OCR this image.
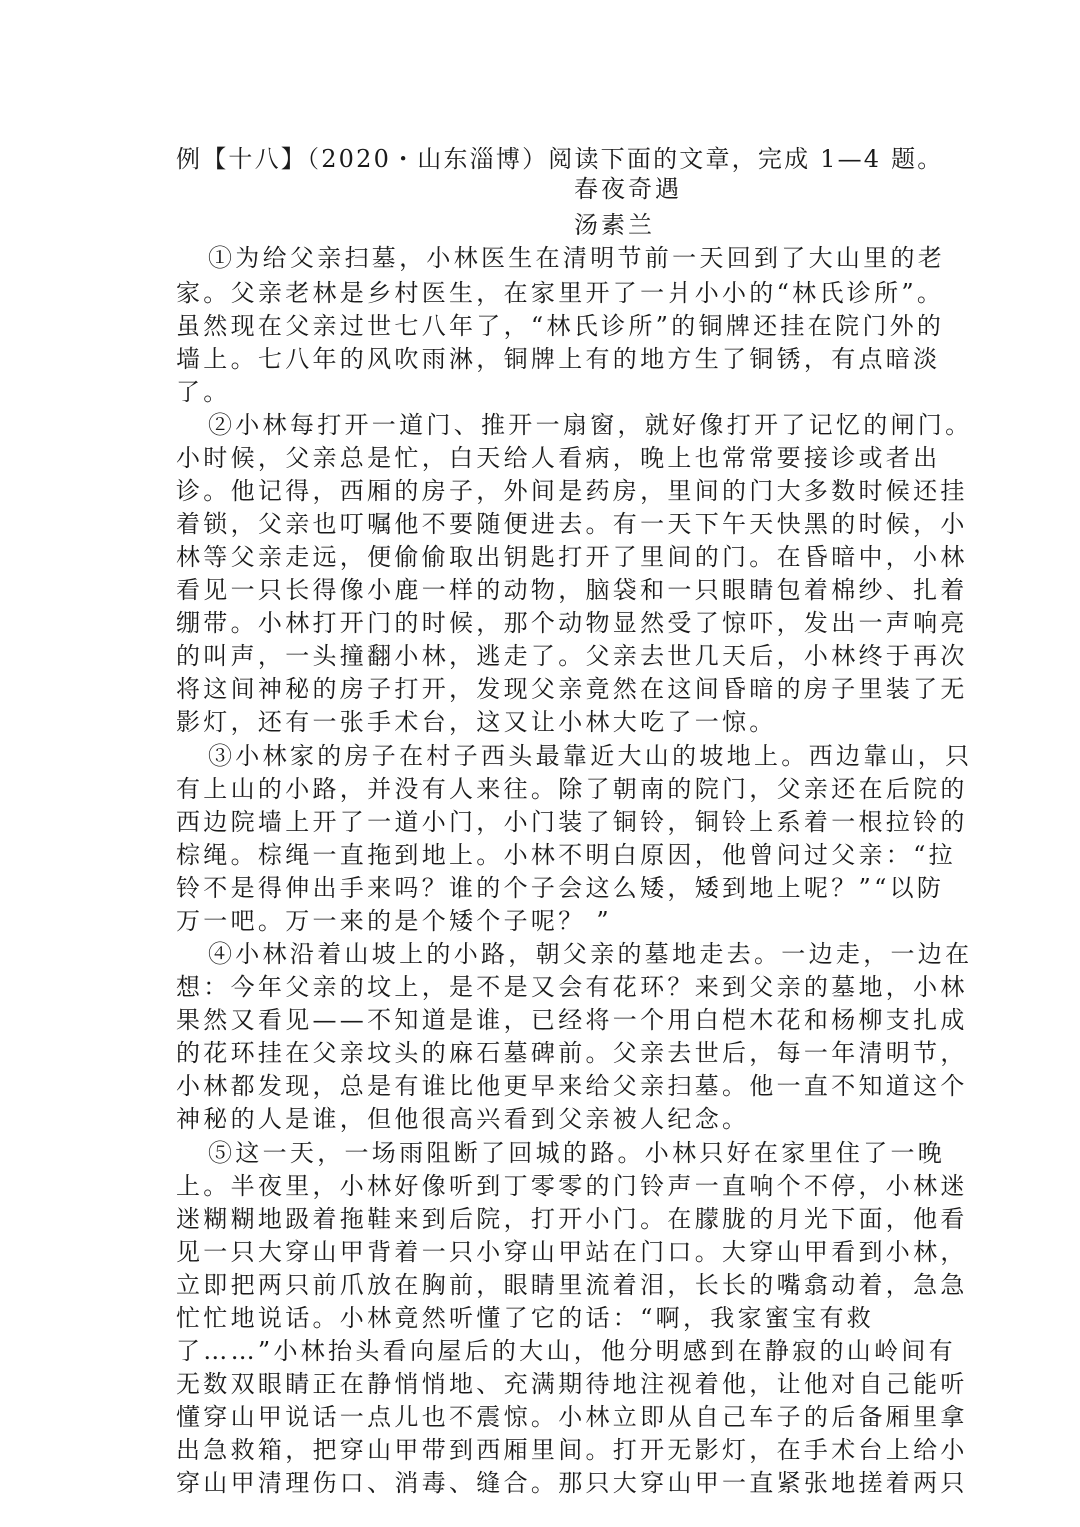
例【十八】（2020・山东淄博）阅读下面的文章，完成 1—4 题。
春夜奇遇
汤素兰
①为给父亲扫墓，小林医生在清明节前一天回到了大山里的老
家。父亲老林是乡村医生，在家里开了一爿小小的“林氏诊所”。
虽然现在父亲过世七八年了，“林氏诊所”的铜牌还挂在院门外的
墙上。七八年的风吹雨淋，铜牌上有的地方生了铜锈，有点暗淡
了。
②小林每打开一道门、推开一扇窗，就好像打开了记忆的闸门。
小时候，父亲总是忙，白天给人看病，晚上也常常要接诊或者出
诊。他记得，西厢的房子，外间是药房，里间的门大多数时候还挂
着锁，父亲也叮嘱他不要随便进去。有一天下午天快黑的时候，小
林等父亲走远，便偷偷取出钥匙打开了里间的门。在昏暗中，小林
看见一只长得像小鹿一样的动物，脑袋和一只眼睛包着棉纱、扎着
绷带。小林打开门的时候，那个动物显然受了惊吓，发出一声响亮
的叫声，一头撞翻小林，逃走了。父亲去世几天后，小林终于再次
将这间神秘的房子打开，发现父亲竟然在这间昏暗的房子里装了无
影灯，还有一张手术台，这又让小林大吃了一惊。
③小林家的房子在村子西头最靠近大山的坡地上。西边靠山，只
有上山的小路，并没有人来往。除了朝南的院门，父亲还在后院的
西边院墙上开了一道小门，小门装了铜铃，铜铃上系着一根拉铃的
棕绳。棕绳一直拖到地上。小林不明白原因，他曾问过父亲：“拉
铃不是得伸出手来吗？谁的个子会这么矮，矮到地上呢？”“以防
万一吧。万一来的是个矮个子呢？ ”
④小林沿着山坡上的小路，朝父亲的墓地走去。一边走，一边在
想：今年父亲的坟上，是不是又会有花环？来到父亲的墓地，小林
果然又看见——不知道是谁，已经将一个用白桤木花和杨柳支扎成
的花环挂在父亲坟头的麻石墓碑前。父亲去世后，每一年清明节，
小林都发现，总是有谁比他更早来给父亲扫墓。他一直不知道这个
神秘的人是谁，但他很高兴看到父亲被人纪念。
⑤这一天，一场雨阻断了回城的路。小林只好在家里住了一晚
上。半夜里，小林好像听到丁零零的门铃声一直响个不停，小林迷
迷糊糊地趿着拖鞋来到后院，打开小门。在朦胧的月光下面，他看
见一只大穿山甲背着一只小穿山甲站在门口。大穿山甲看到小林，
立即把两只前爪放在胸前，眼睛里流着泪，长长的嘴翕动着，急急
忙忙地说话。小林竟然听懂了它的话：“啊，我家蜜宝有救
了……”小林抬头看向屋后的大山，他分明感到在静寂的山岭间有
无数双眼睛正在静悄悄地、充满期待地注视着他，让他对自己能听
懂穿山甲说话一点儿也不震惊。小林立即从自己车子的后备厢里拿
出急救箱，把穿山甲带到西厢里间。打开无影灯，在手术台上给小
穿山甲清理伤口、消毒、缝合。那只大穿山甲一直紧张地搓着两只
